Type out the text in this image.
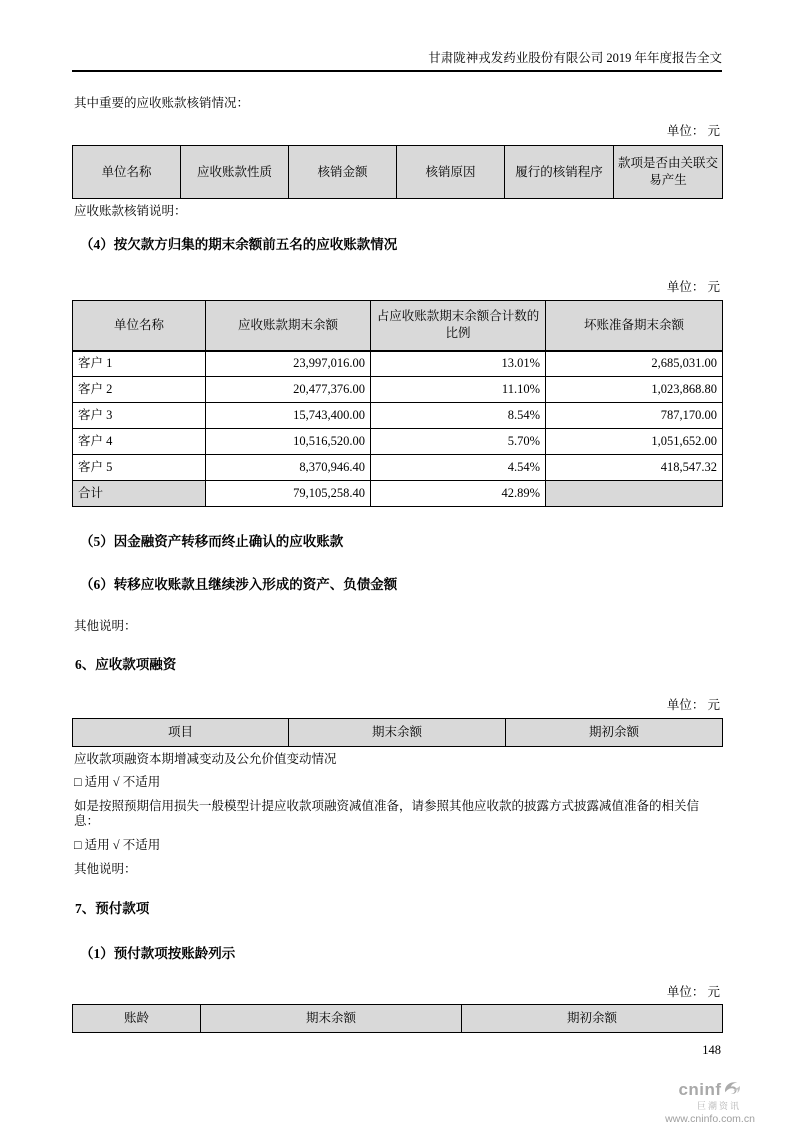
甘肃陇神戎发药业股份有限公司 2019 年年度报告全文
其中重要的应收账款核销情况：
单位： 元
单位名称	应收账款性质	核销金额	核销原因	履行的核销程序	款项是否由关联交易产生
应收账款核销说明：
（4）按欠款方归集的期末余额前五名的应收账款情况
单位： 元
单位名称	应收账款期末余额	占应收账款期末余额合计数的比例	坏账准备期末余额
客户 1	23,997,016.00	13.01%	2,685,031.00
客户 2	20,477,376.00	11.10%	1,023,868.80
客户 3	15,743,400.00	8.54%	787,170.00
客户 4	10,516,520.00	5.70%	1,051,652.00
客户 5	8,370,946.40	4.54%	418,547.32
合计	79,105,258.40	42.89%	
（5）因金融资产转移而终止确认的应收账款
（6）转移应收账款且继续涉入形成的资产、负债金额
其他说明：
6、应收款项融资
单位： 元
项目	期末余额	期初余额
应收款项融资本期增减变动及公允价值变动情况
□ 适用 √ 不适用
如是按照预期信用损失一般模型计提应收款项融资减值准备，请参照其他应收款的披露方式披露减值准备的相关信息：
□ 适用 √ 不适用
其他说明：
7、预付款项
（1）预付款项按账龄列示
单位： 元
账龄	期末余额	期初余额
148
cninf
巨潮资讯
www.cninfo.com.cn
